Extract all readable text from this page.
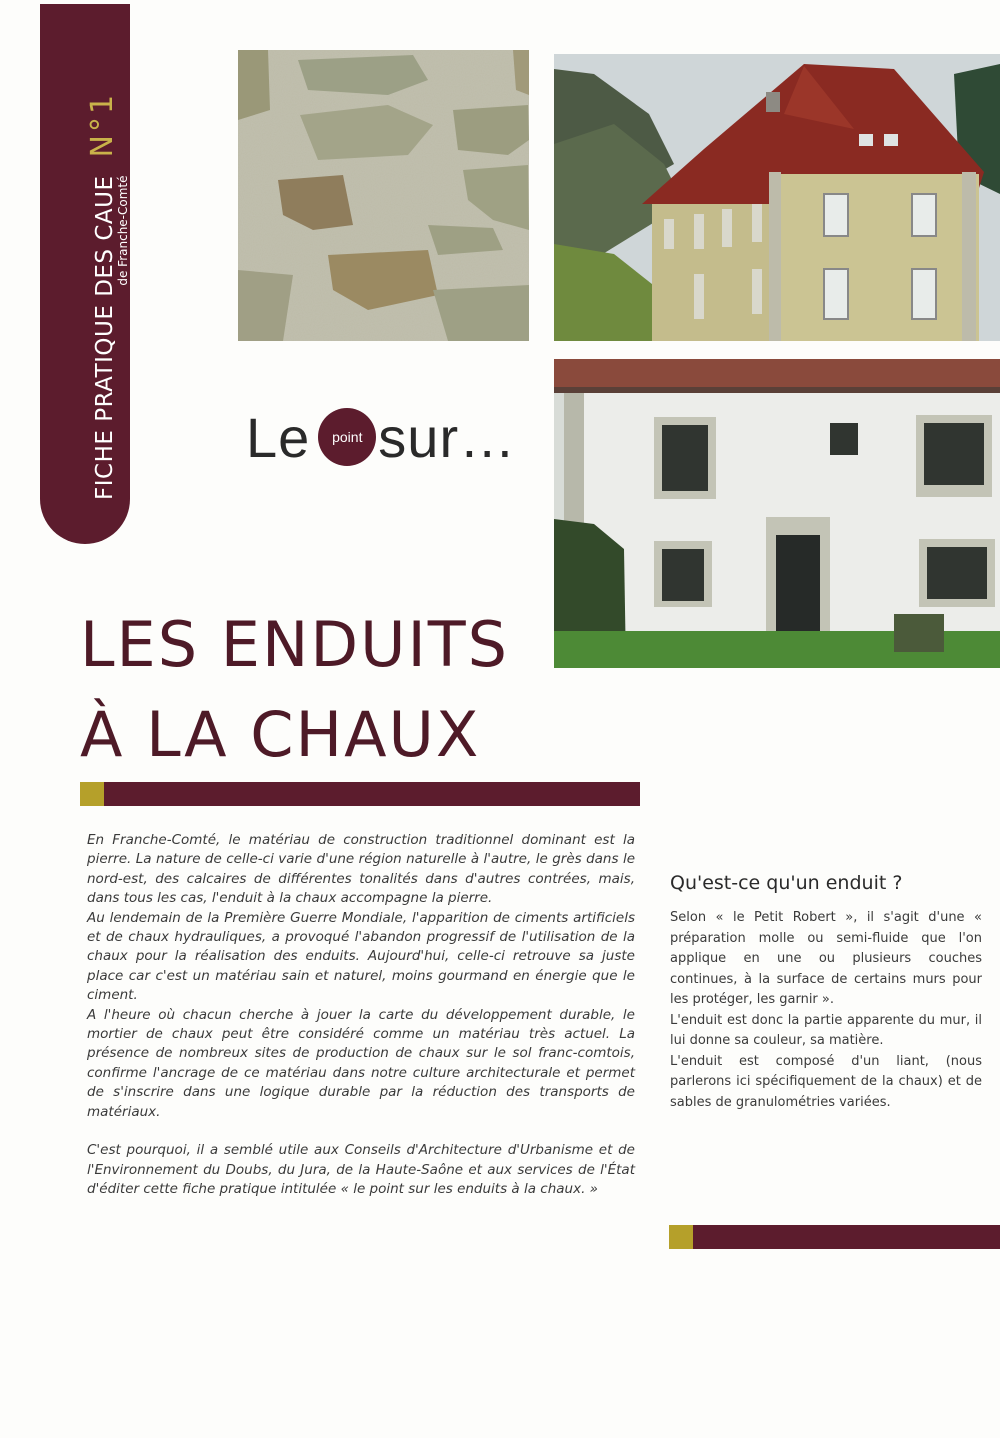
FICHE PRATIQUE DES CAUE
de Franche-Comté
N°1
Le	point sur…
LES ENDUITS
À LA CHAUX

En Franche-Comté, le matériau de construction traditionnel dominant est la pierre. La nature de celle-ci varie d'une région naturelle à l'autre, le grès dans le nord-est, des calcaires de différentes tonalités dans d'autres contrées, mais, dans tous les cas, l'enduit à la chaux accompagne la pierre.

Au lendemain de la Première Guerre Mondiale, l'apparition de ciments artificiels et de chaux hydrauliques, a provoqué l'abandon progressif de l'utilisation de la chaux pour la réalisation des enduits. Aujourd'hui, celle-ci retrouve sa juste place car c'est un matériau sain et naturel, moins gourmand en énergie que le ciment.

A l'heure où chacun cherche à jouer la carte du développement durable, le mortier de chaux peut être considéré comme un matériau très actuel. La présence de nombreux sites de production de chaux sur le sol franc-comtois, confirme l'ancrage de ce matériau dans notre culture architecturale et permet de s'inscrire dans une logique durable par la réduction des transports de matériaux.

C'est pourquoi, il a semblé utile aux Conseils d'Architecture d'Urbanisme et de l'Environnement du Doubs, du Jura, de la Haute-Saône et aux services de l'État d'éditer cette fiche pratique intitulée « le point sur les enduits à la chaux. »

Qu'est-ce qu'un enduit ?

Selon « le Petit Robert », il s'agit d'une « préparation molle ou semi-fluide que l'on applique en une ou plusieurs couches continues, à la surface de certains murs pour les protéger, les garnir ».

L'enduit est donc la partie apparente du mur, il lui donne sa couleur, sa matière.

L'enduit est composé d'un liant, (nous parlerons ici spécifiquement de la chaux) et de sables de granulométries variées.
